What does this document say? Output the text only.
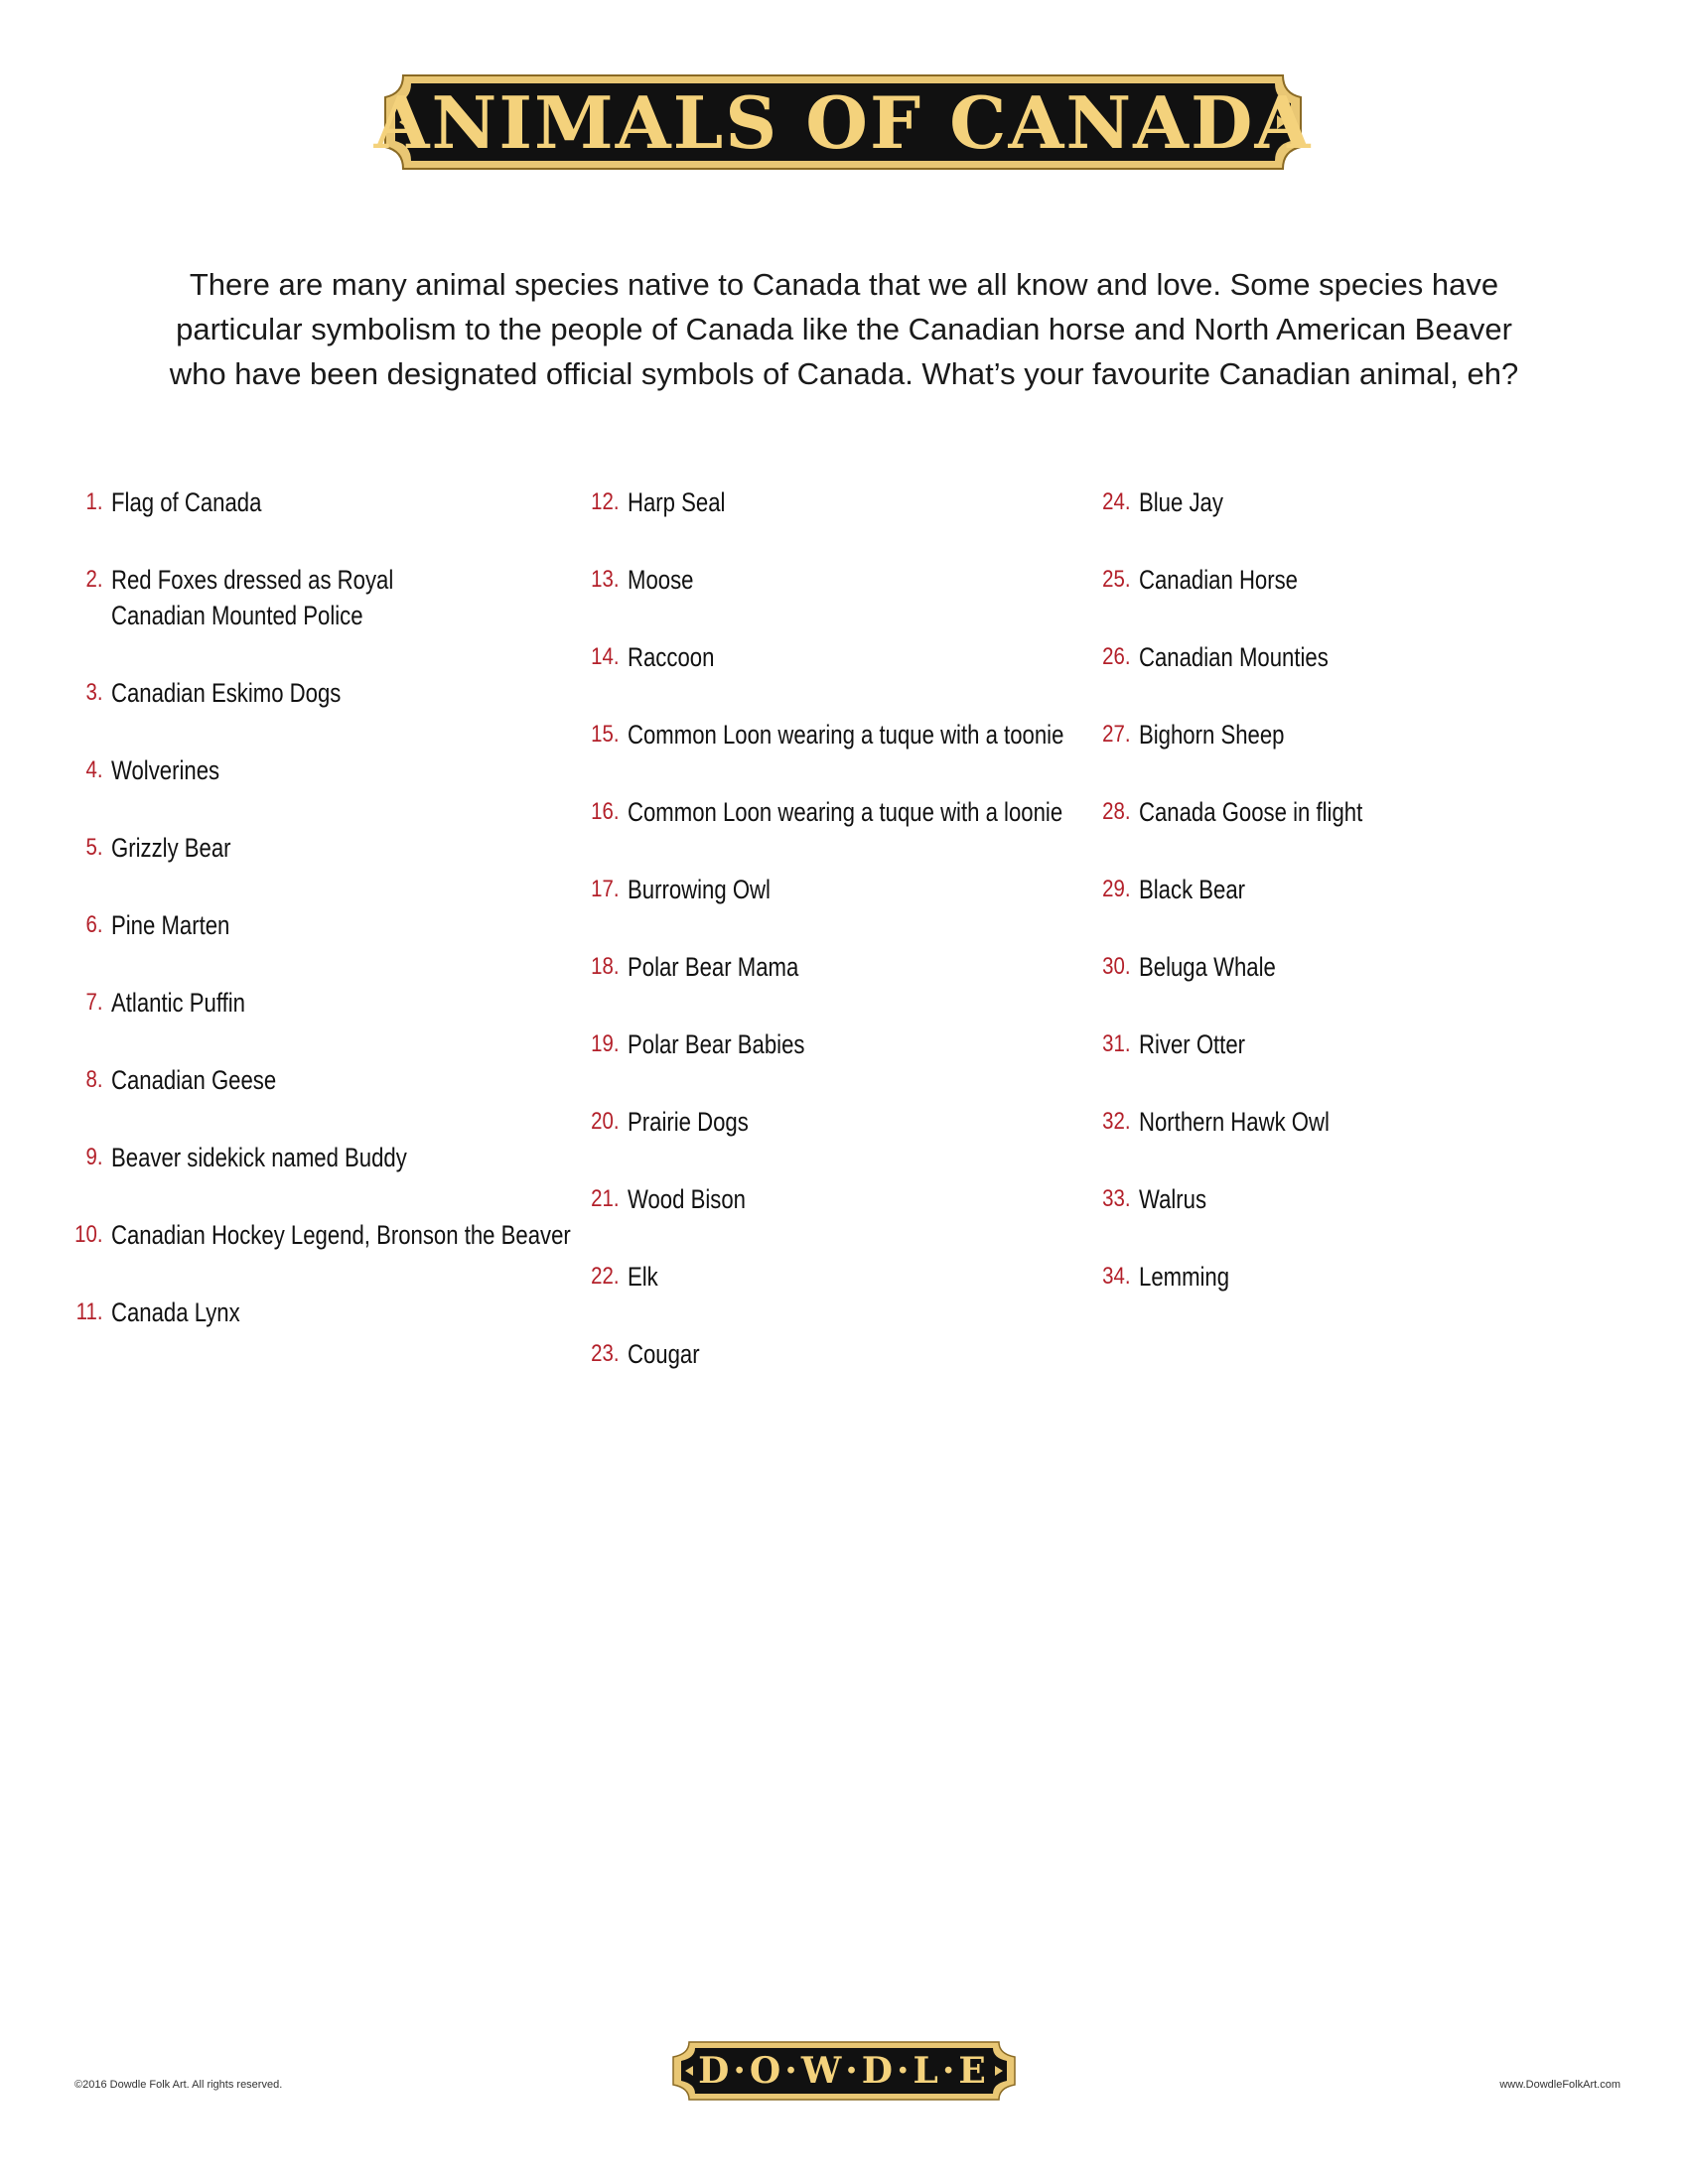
ANIMALS OF CANADA
There are many animal species native to Canada that we all know and love. Some species have
particular symbolism to the people of Canada like the Canadian horse and North American Beaver
who have been designated official symbols of Canada. What’s your favourite Canadian animal, eh?
1. Flag of Canada
2. Red Foxes dressed as Royal
Canadian Mounted Police
3. Canadian Eskimo Dogs
4. Wolverines
5. Grizzly Bear
6. Pine Marten
7. Atlantic Puffin
8. Canadian Geese
9. Beaver sidekick named Buddy
10. Canadian Hockey Legend, Bronson the Beaver
11. Canada Lynx
12. Harp Seal
13. Moose
14. Raccoon
15. Common Loon wearing a tuque with a toonie
16. Common Loon wearing a tuque with a loonie
17. Burrowing Owl
18. Polar Bear Mama
19. Polar Bear Babies
20. Prairie Dogs
21. Wood Bison
22. Elk
23. Cougar
24. Blue Jay
25. Canadian Horse
26. Canadian Mounties
27. Bighorn Sheep
28. Canada Goose in flight
29. Black Bear
30. Beluga Whale
31. River Otter
32. Northern Hawk Owl
33. Walrus
34. Lemming
©2016 Dowdle Folk Art. All rights reserved.	D·O·W·D·L·E	www.DowdleFolkArt.com
